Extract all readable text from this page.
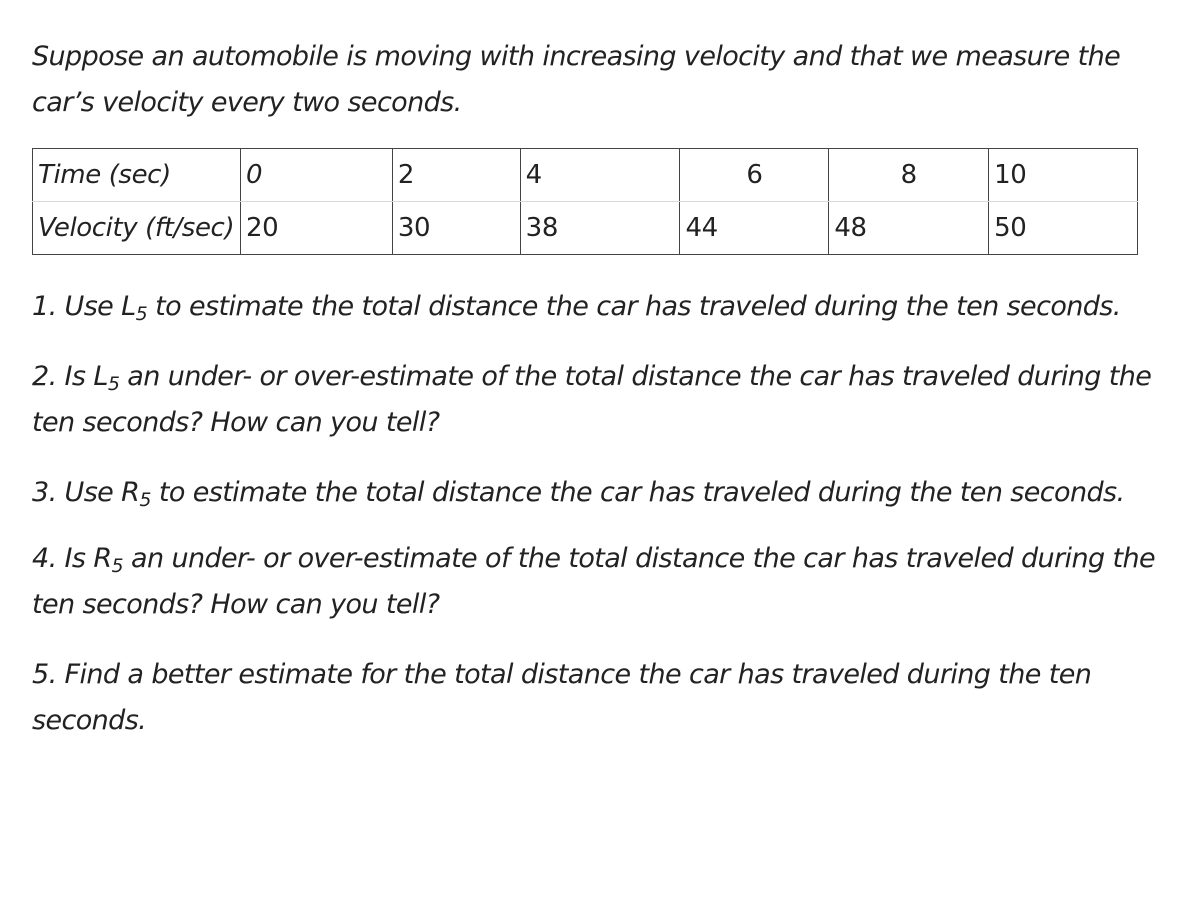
Suppose an automobile is moving with increasing velocity and that we measure the car’s velocity every two seconds.

Time (sec)	0	2	4	6	8	10
Velocity (ft/sec)	20	30	38	44	48	50

1. Use $L_5$ to estimate the total distance the car has traveled during the ten seconds.

2. Is $L_5$ an under- or over-estimate of the total distance the car has traveled during the ten seconds? How can you tell?

3. Use $R_5$ to estimate the total distance the car has traveled during the ten seconds.

4. Is $R_5$ an under- or over-estimate of the total distance the car has traveled during the ten seconds? How can you tell?

5. Find a better estimate for the total distance the car has traveled during the ten seconds.
